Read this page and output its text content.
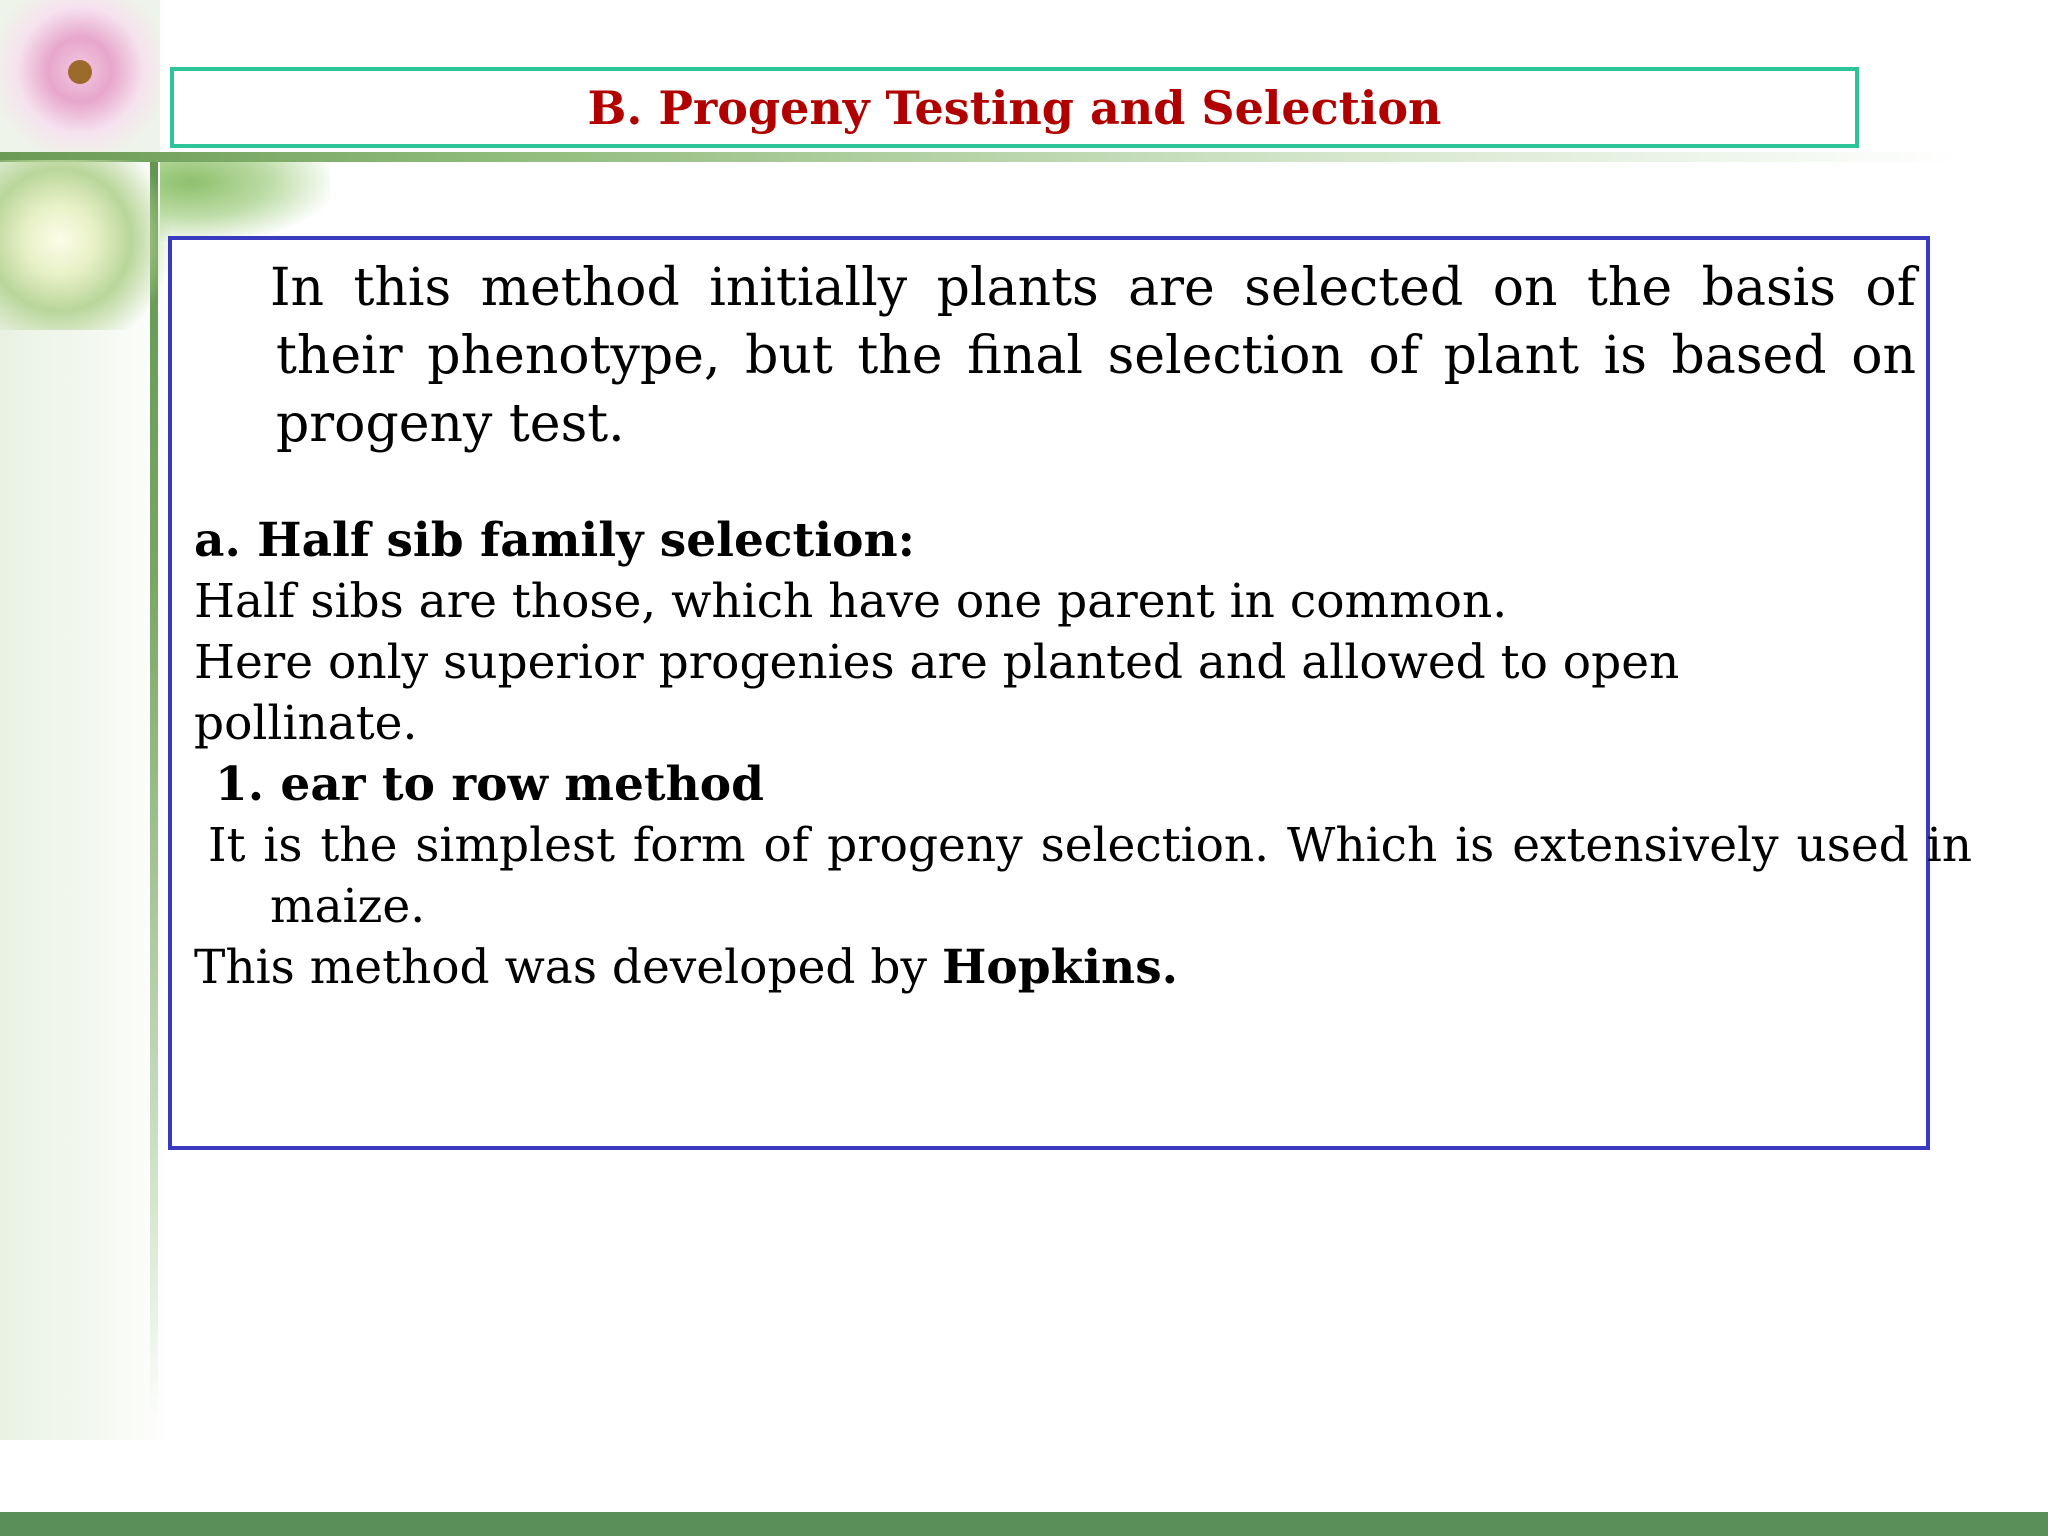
B. Progeny Testing and Selection

In this method initially plants are selected on the basis of their phenotype, but the final selection of plant is based on progeny test.

a. Half sib family selection:

Half sibs are those, which have one parent in common.

Here only superior progenies are planted and allowed to open

pollinate.

1. ear to row method

It is the simplest form of progeny selection. Which is extensively used in maize.

This method was developed by Hopkins.
